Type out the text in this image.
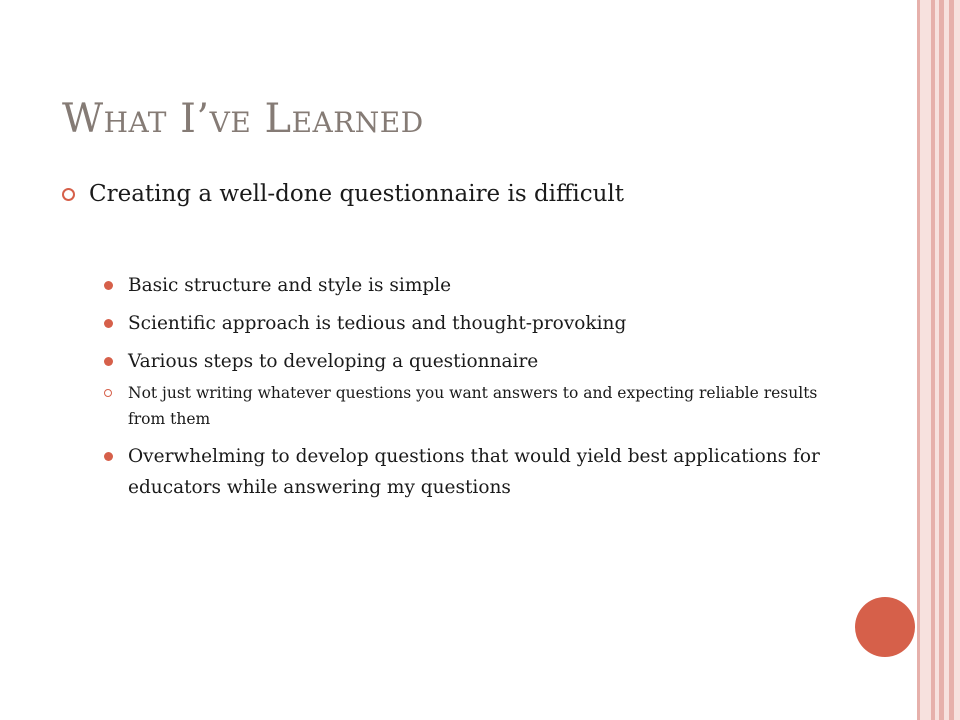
What I’ve Learned
Creating a well-done questionnaire is difficult
Basic structure and style is simple
Scientific approach is tedious and thought-provoking
Various steps to developing a questionnaire
Not just writing whatever questions you want answers to and expecting reliable results from them
Overwhelming to develop questions that would yield best applications for educators while answering my questions
